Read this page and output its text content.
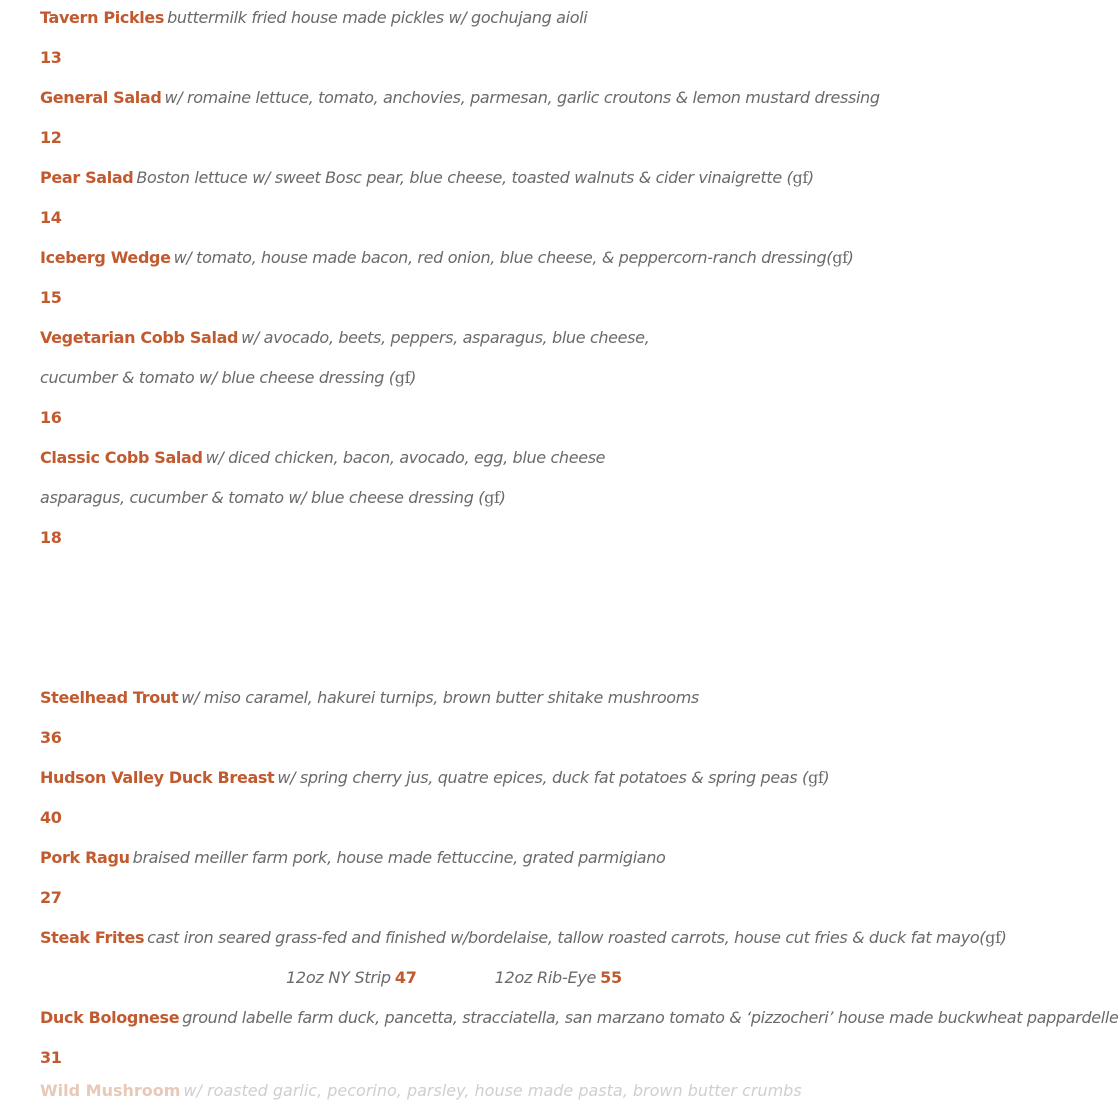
Tavern Pickles buttermilk fried house made pickles w/ gochujang aioli
13
General Salad w/ romaine lettuce, tomato, anchovies, parmesan, garlic croutons & lemon mustard dressing
12
Pear Salad Boston lettuce w/ sweet Bosc pear, blue cheese, toasted walnuts & cider vinaigrette (gf)
14
Iceberg Wedge w/ tomato, house made bacon, red onion, blue cheese, & peppercorn-ranch dressing(gf)
15
Vegetarian Cobb Salad w/ avocado, beets, peppers, asparagus, blue cheese,
cucumber & tomato w/ blue cheese dressing (gf)
16
Classic Cobb Salad w/ diced chicken, bacon, avocado, egg, blue cheese
asparagus, cucumber & tomato w/ blue cheese dressing (gf)
18
Steelhead Trout w/ miso caramel, hakurei turnips, brown butter shitake mushrooms
36
Hudson Valley Duck Breast w/ spring cherry jus, quatre epices, duck fat potatoes & spring peas (gf)
40
Pork Ragu braised meiller farm pork, house made fettuccine, grated parmigiano
27
Steak Frites cast iron seared grass-fed and finished w/bordelaise, tallow roasted carrots, house cut fries & duck fat mayo(gf)
12oz NY Strip 47	12oz Rib-Eye 55
Duck Bolognese ground labelle farm duck, pancetta, stracciatella, san marzano tomato & ‘pizzocheri’ house made buckwheat pappardelle
31
Wild Mushroom w/ roasted garlic, pecorino, parsley, house made pasta, brown butter crumbs
